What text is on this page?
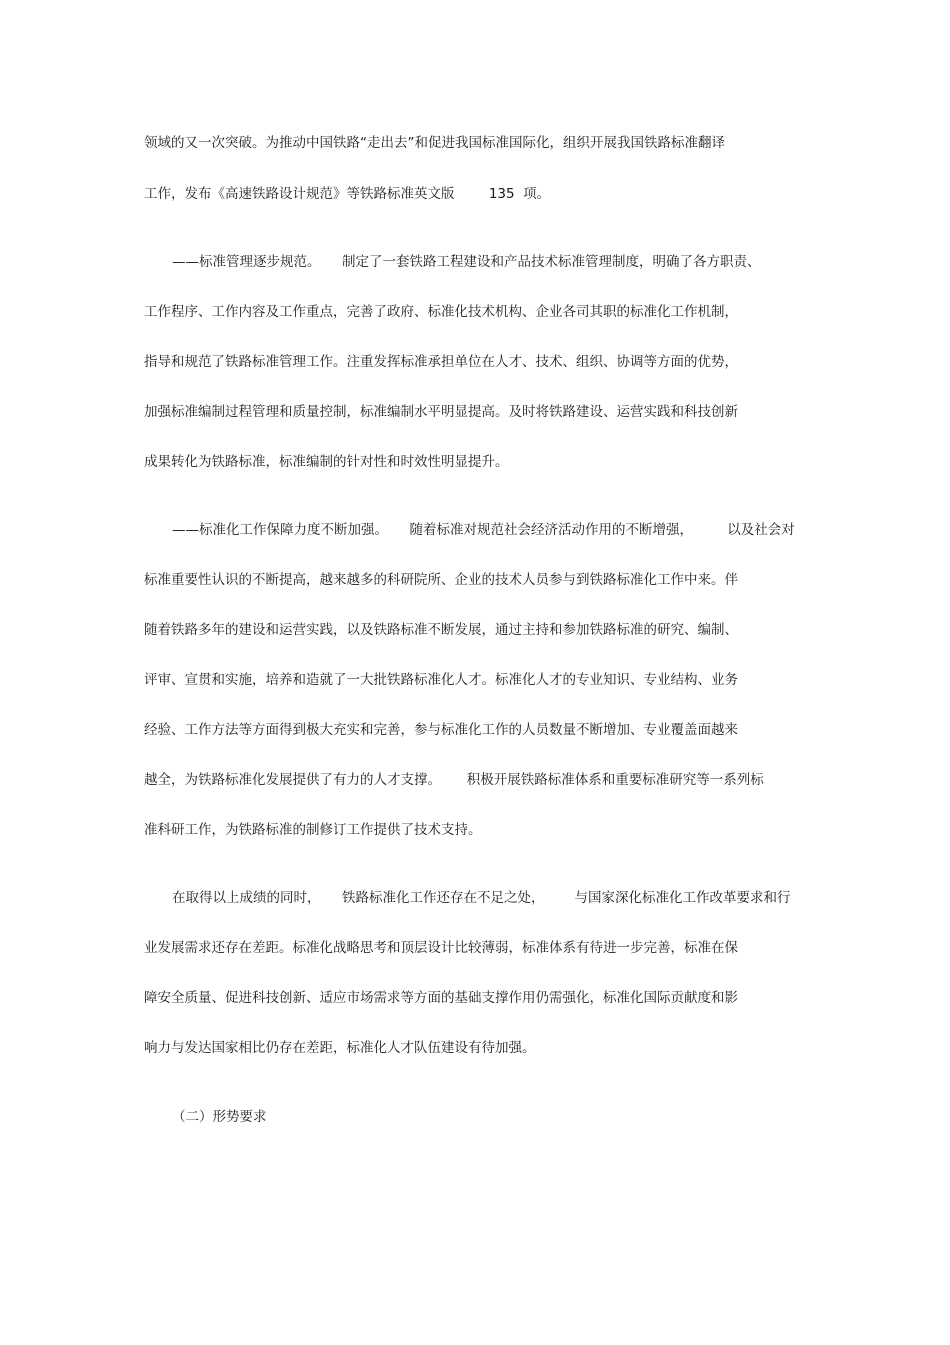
领域的又一次突破。为推动中国铁路“走出去”和促进我国标准国际化，组织开展我国铁路标准翻译

工作，发布《高速铁路设计规范》等铁路标准英文版        135  项。

——标准管理逐步规范。     制定了一套铁路工程建设和产品技术标准管理制度，明确了各方职责、

工作程序、工作内容及工作重点，完善了政府、标准化技术机构、企业各司其职的标准化工作机制，

指导和规范了铁路标准管理工作。注重发挥标准承担单位在人才、技术、组织、协调等方面的优势，

加强标准编制过程管理和质量控制，标准编制水平明显提高。及时将铁路建设、运营实践和科技创新

成果转化为铁路标准，标准编制的针对性和时效性明显提升。

——标准化工作保障力度不断加强。     随着标准对规范社会经济活动作用的不断增强，        以及社会对

标准重要性认识的不断提高，越来越多的科研院所、企业的技术人员参与到铁路标准化工作中来。伴

随着铁路多年的建设和运营实践，以及铁路标准不断发展，通过主持和参加铁路标准的研究、编制、

评审、宣贯和实施，培养和造就了一大批铁路标准化人才。标准化人才的专业知识、专业结构、业务

经验、工作方法等方面得到极大充实和完善，参与标准化工作的人员数量不断增加、专业覆盖面越来

越全，为铁路标准化发展提供了有力的人才支撑。      积极开展铁路标准体系和重要标准研究等一系列标

准科研工作，为铁路标准的制修订工作提供了技术支持。

在取得以上成绩的同时，     铁路标准化工作还存在不足之处，       与国家深化标准化工作改革要求和行

业发展需求还存在差距。标准化战略思考和顶层设计比较薄弱，标准体系有待进一步完善，标准在保

障安全质量、促进科技创新、适应市场需求等方面的基础支撑作用仍需强化，标准化国际贡献度和影

响力与发达国家相比仍存在差距，标准化人才队伍建设有待加强。

（二）形势要求
